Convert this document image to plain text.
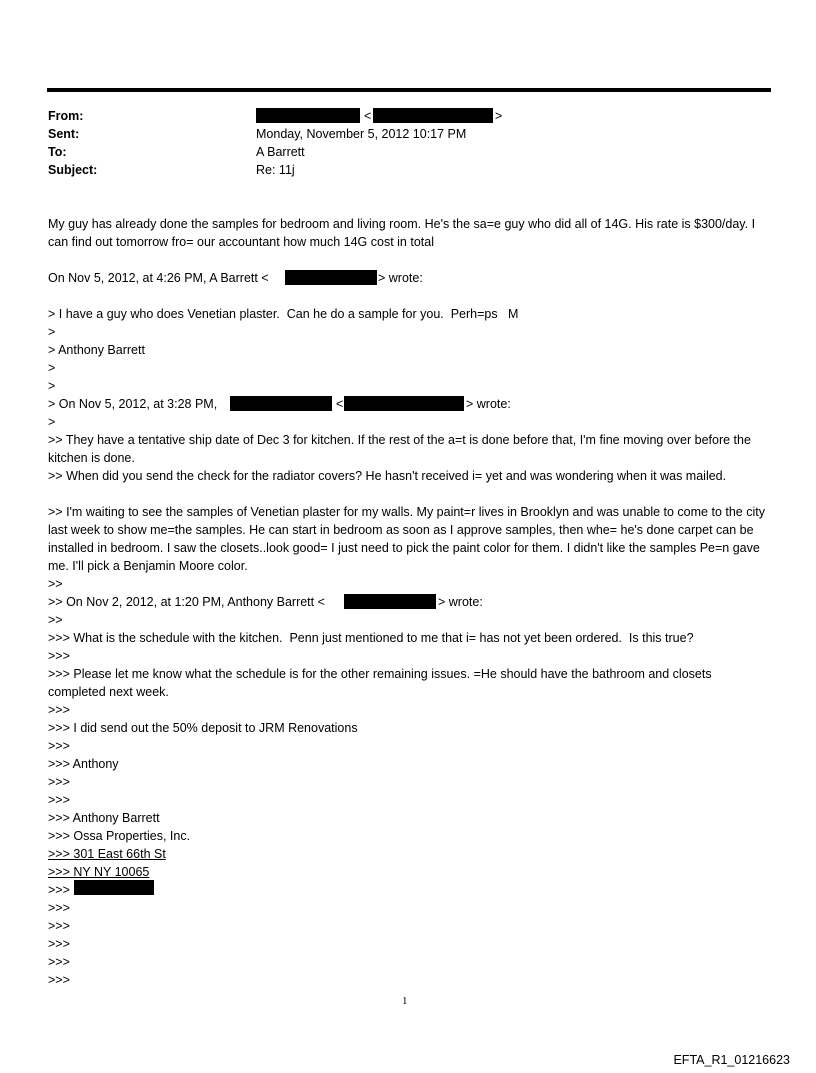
From:	<	>
Sent:	Monday, November 5, 2012 10:17 PM
To:	A Barrett
Subject:	Re: 11j
My guy has already done the samples for bedroom and living room. He's the sa=e guy who did all of 14G. His rate is $300/day. I can find out tomorrow fro= our accountant how much 14G cost in total
On Nov 5, 2012, at 4:26 PM, A Barrett <	> wrote:
> I have a guy who does Venetian plaster.  Can he do a sample for you.  Perh=ps   M
>
> Anthony Barrett
>
>
> On Nov 5, 2012, at 3:28 PM,	<	> wrote:
>
>> They have a tentative ship date of Dec 3 for kitchen. If the rest of the a=t is done before that, I'm fine moving over before the kitchen is done.
>> When did you send the check for the radiator covers? He hasn't received i= yet and was wondering when it was mailed.
>> I'm waiting to see the samples of Venetian plaster for my walls. My paint=r lives in Brooklyn and was unable to come to the city last week to show me=the samples. He can start in bedroom as soon as I approve samples, then whe= he's done carpet can be installed in bedroom. I saw the closets..look good= I just need to pick the paint color for them. I didn't like the samples Pe=n gave me. I'll pick a Benjamin Moore color.
>>
>> On Nov 2, 2012, at 1:20 PM, Anthony Barrett <	> wrote:
>>
>>> What is the schedule with the kitchen.  Penn just mentioned to me that i= has not yet been ordered.  Is this true?
>>>
>>> Please let me know what the schedule is for the other remaining issues. =He should have the bathroom and closets completed next week.
>>>
>>> I did send out the 50% deposit to JRM Renovations
>>>
>>> Anthony
>>>
>>>
>>> Anthony Barrett
>>> Ossa Properties, Inc.
>>> 301 East 66th St
>>> NY NY 10065
>>>
>>>
>>>
>>>
>>>
>>>
1
EFTA_R1_01216623
